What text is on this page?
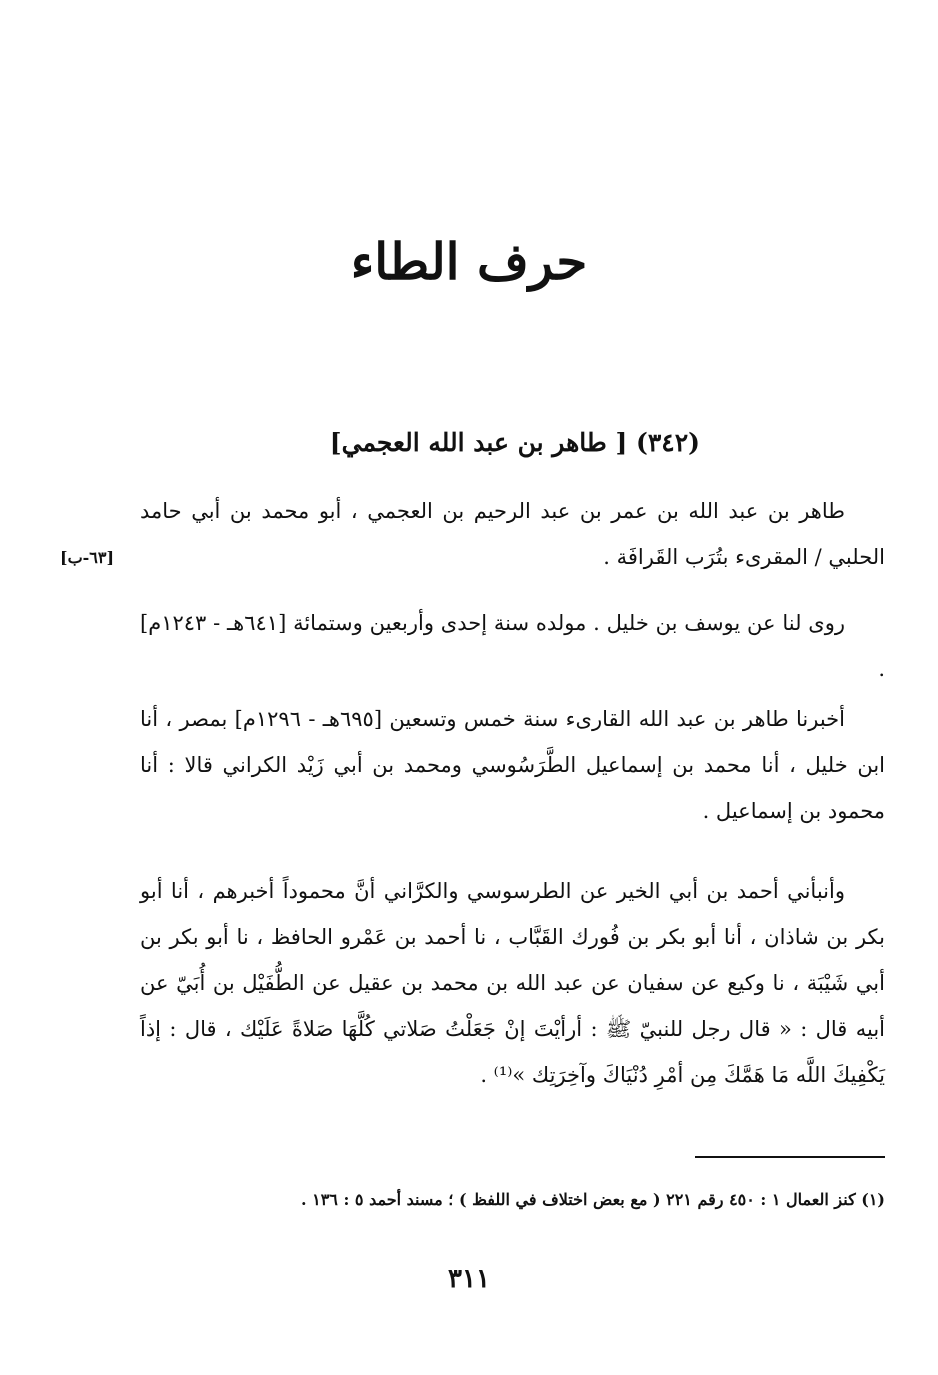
حرف الطاء
(٣٤٢) [ طاهر بن عبد الله العجمي]
[٦٣-ب]
طاهر بن عبد الله بن عمر بن عبد الرحيم بن العجمي ، أبو محمد بن أبي حامد الحلبي / المقرىء بتُرَب القَرافَة .
روى لنا عن يوسف بن خليل . مولده سنة إحدى وأربعين وستمائة [٦٤١هـ - ١٢٤٣م] .
أخبرنا طاهر بن عبد الله القارىء سنة خمس وتسعين [٦٩٥هـ - ١٢٩٦م] بمصر ، أنا ابن خليل ، أنا محمد بن إسماعيل الطَّرَسُوسي ومحمد بن أبي زَيْد الكراني قالا : أنا محمود بن إسماعيل .
وأنبأني أحمد بن أبي الخير عن الطرسوسي والكرَّاني أنَّ محموداً أخبرهم ، أنا أبو بكر بن شاذان ، أنا أبو بكر بن فُورك القَبَّاب ، نا أحمد بن عَمْرو الحافظ ، نا أبو بكر بن أبي شَيْبَة ، نا وكيع عن سفيان عن عبد الله بن محمد بن عقيل عن الطُّفَيْل بن أُبَيّ عن أبيه قال : « قال رجل للنبيّ ﷺ : أرأيْتَ إنْ جَعَلْتُ صَلاتي كُلَّهَا صَلاةً عَلَيْك ، قال : إذاً يَكْفِيكَ اللَّه مَا هَمَّكَ مِن أمْرِ دُنْيَاكَ وآخِرَتِك »⁽¹⁾ .
(١) كنز العمال ١ : ٤٥٠ رقم ٢٢١ ( مع بعض اختلاف في اللفظ ) ؛ مسند أحمد ٥ : ١٣٦ .
٣١١
